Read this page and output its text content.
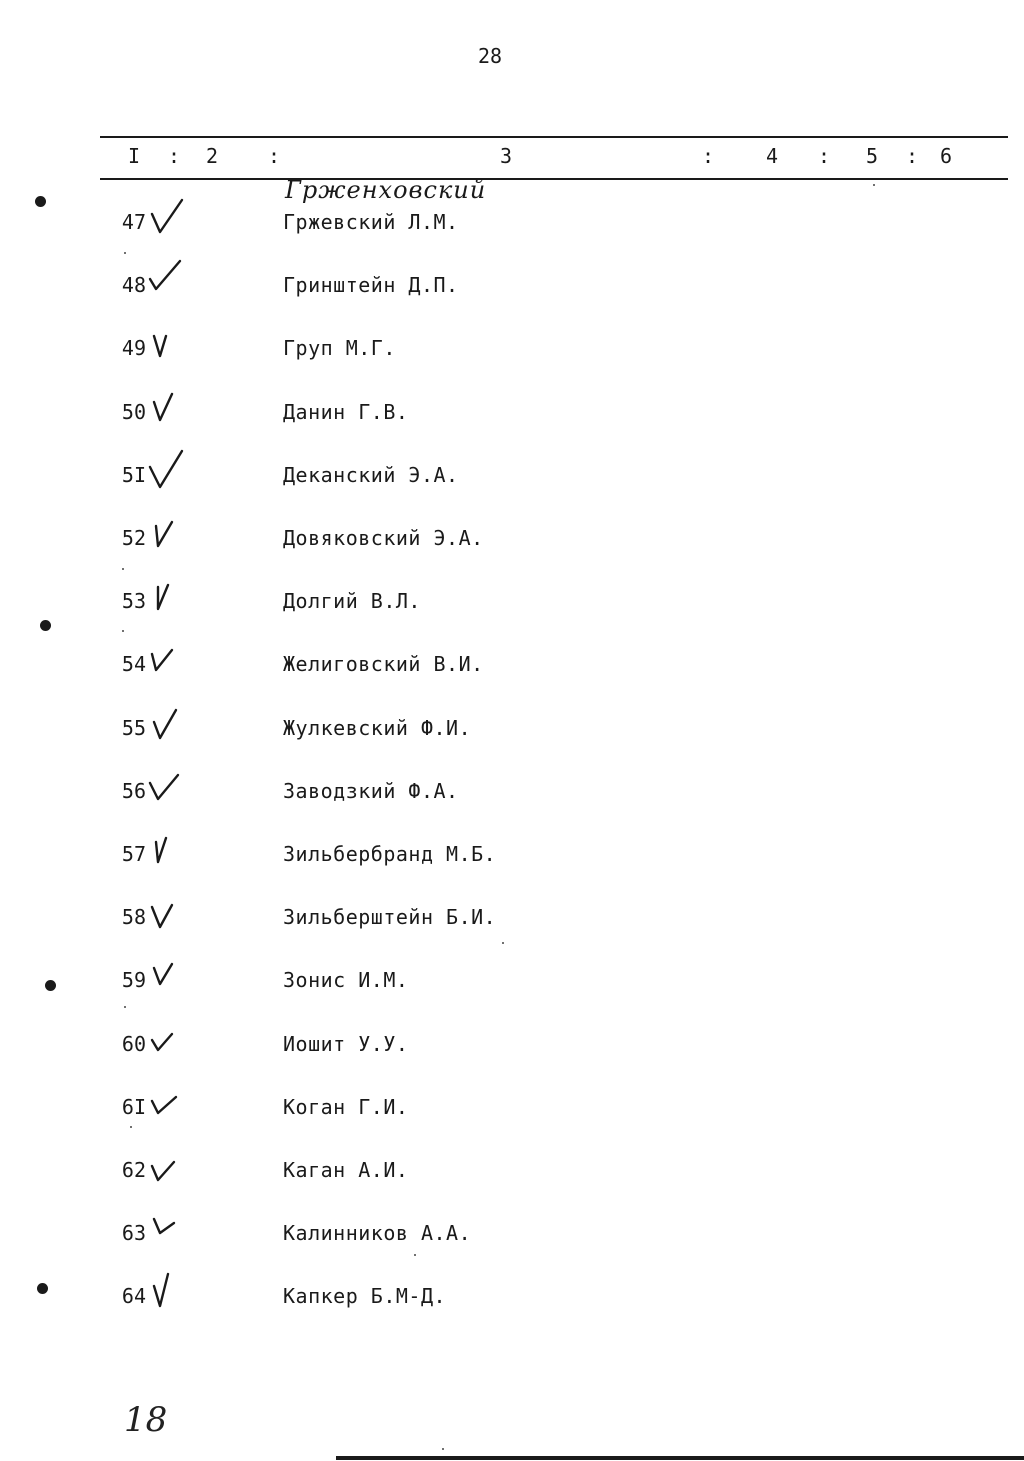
28
I : 2 :	3	:	4 : 5 : 6
Грженховский
47	Гржевский Л.М.
48	Гринштейн Д.П.
49	Груп М.Г.
50	Данин Г.В.
5I	Деканский Э.А.
52	Довяковский Э.А.
53	Долгий В.Л.
54	Желиговский В.И.
55	Жулкевский Ф.И.
56	Заводзкий Ф.А.
57	Зильбербранд М.Б.
58	Зильберштейн Б.И.
59	Зонис И.М.
60	Иошит У.У.
6I	Коган Г.И.
62	Каган А.И.
63	Калинников А.А.
64	Капкер Б.М-Д.
18
